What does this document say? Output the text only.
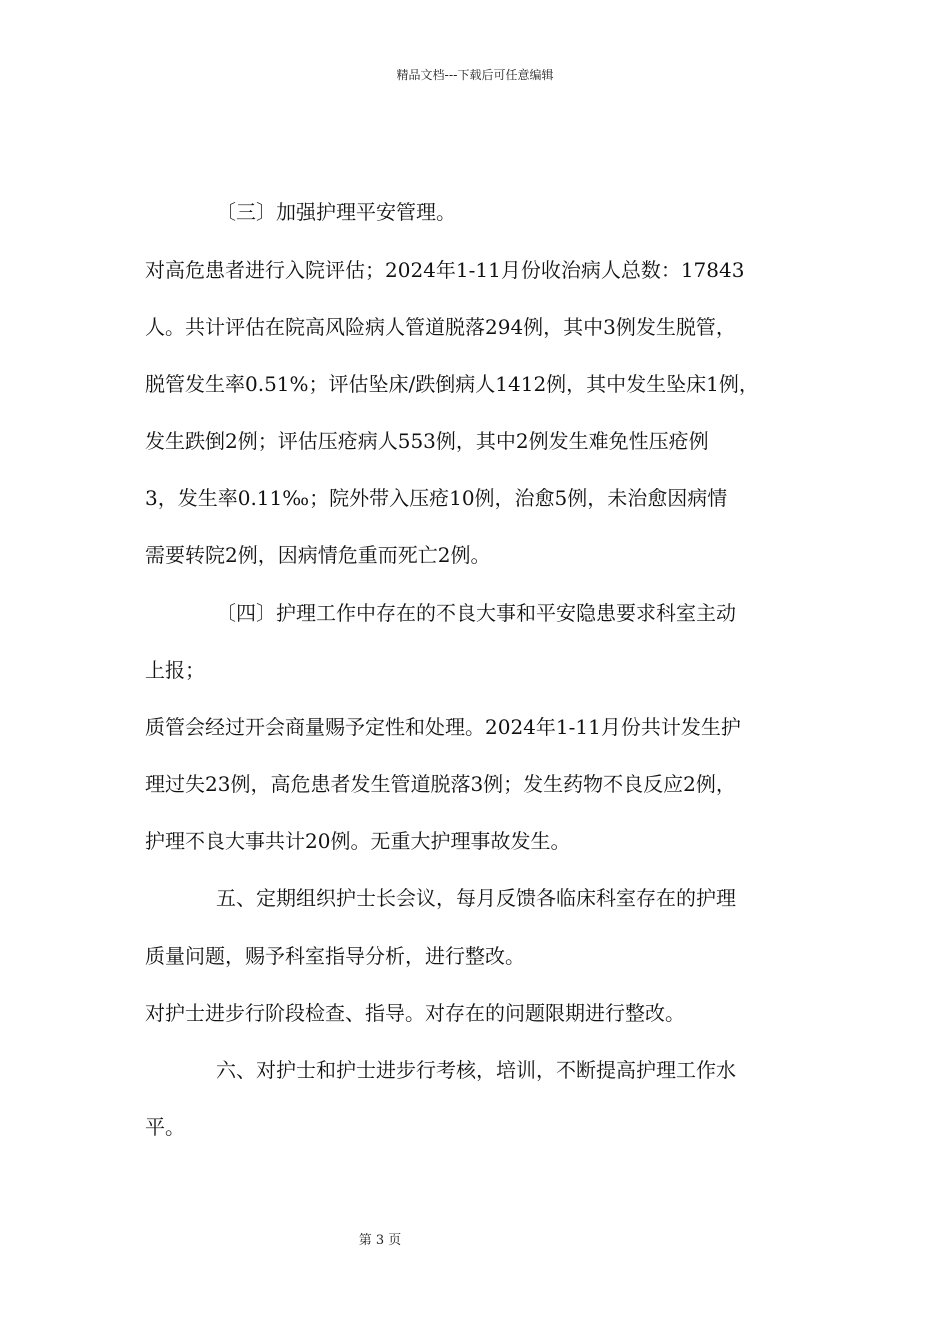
精品文档---下载后可任意编辑
〔三〕加强护理平安管理。
对高危患者进行入院评估；2024年1-11月份收治病人总数：17843
人。共计评估在院高风险病人管道脱落294例，其中3例发生脱管，
脱管发生率0.51%；评估坠床/跌倒病人1412例，其中发生坠床1例，
发生跌倒2例；评估压疮病人553例，其中2例发生难免性压疮例
3，发生率0.11‰；院外带入压疮10例，治愈5例，未治愈因病情
需要转院2例，因病情危重而死亡2例。
〔四〕护理工作中存在的不良大事和平安隐患要求科室主动
上报；
质管会经过开会商量赐予定性和处理。2024年1-11月份共计发生护
理过失23例，高危患者发生管道脱落3例；发生药物不良反应2例，
护理不良大事共计20例。无重大护理事故发生。
五、定期组织护士长会议，每月反馈各临床科室存在的护理
质量问题，赐予科室指导分析，进行整改。
对护士进步行阶段检查、指导。对存在的问题限期进行整改。
六、对护士和护士进步行考核，培训，不断提高护理工作水
平。
第 3 页
